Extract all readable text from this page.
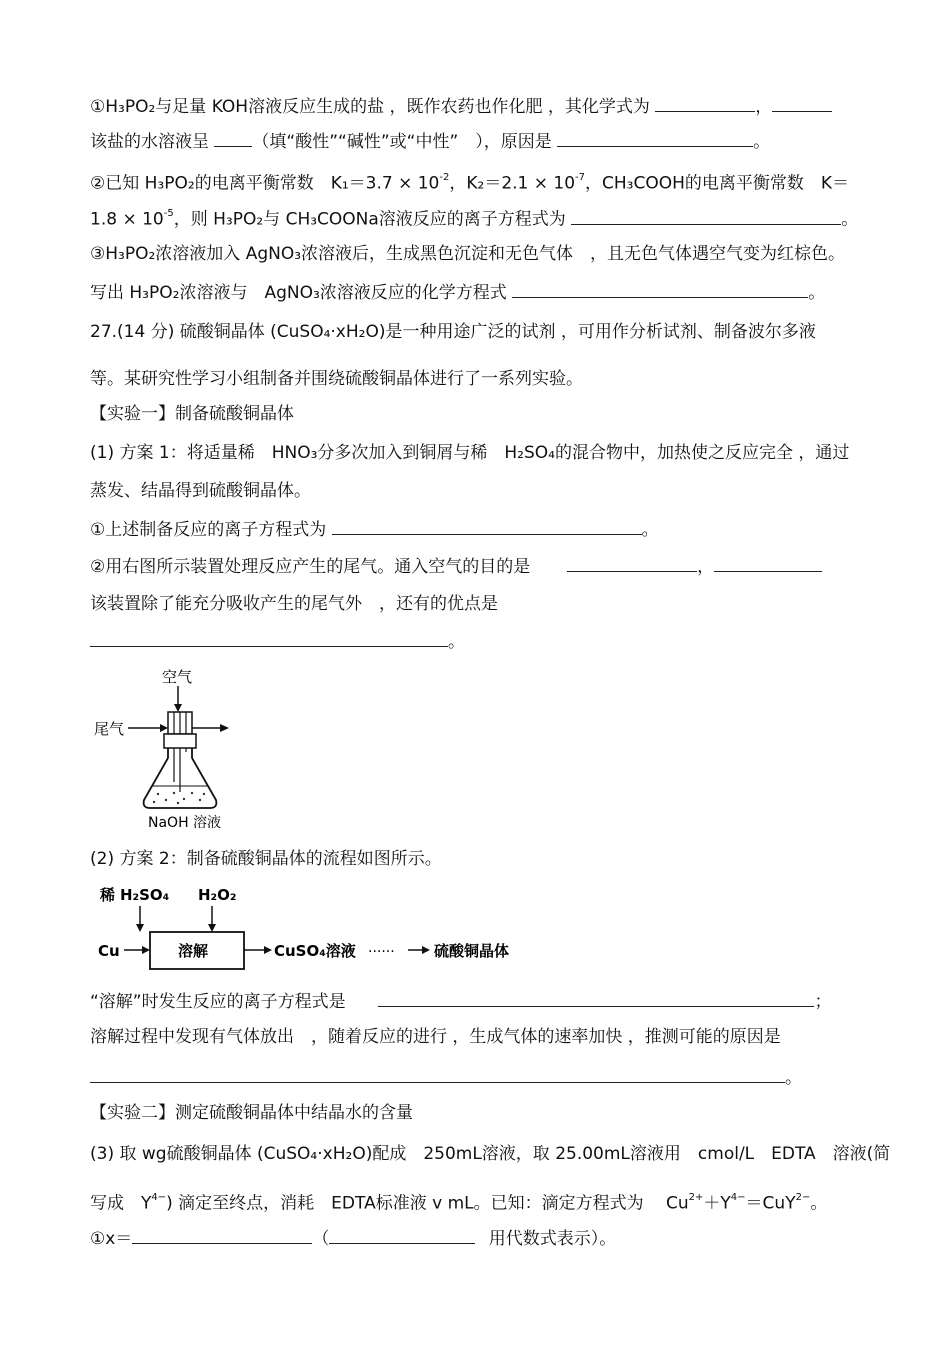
①H₃PO₂与足量 KOH溶液反应生成的盐 ，既作农药也作化肥 ，其化学式为	，
该盐的水溶液呈	（填“酸性”“碱性”或“中性”　），原因是	。
②已知 H₃PO₂的电离平衡常数　$K_1=3.7 \times 10^{-2}$，$K_2=2.1 \times 10^{-7}$，CH₃COOH的电离平衡常数　K＝
$1.8 \times 10^{-5}$，则 H₃PO₂与 CH₃COONa溶液反应的离子方程式为	。
③H₃PO₂浓溶液加入 AgNO₃浓溶液后，生成黑色沉淀和无色气体　，且无色气体遇空气变为红棕色。
写出 H₃PO₂浓溶液与　AgNO₃浓溶液反应的化学方程式	。
27.(14 分) 硫酸铜晶体 (CuSO₄·xH₂O)是一种用途广泛的试剂 ，可用作分析试剂、制备波尔多液
等。某研究性学习小组制备并围绕硫酸铜晶体进行了一系列实验。
【实验一】制备硫酸铜晶体
(1) 方案 1：将适量稀　HNO₃分多次加入到铜屑与稀　H₂SO₄的混合物中，加热使之反应完全 ，通过
蒸发、结晶得到硫酸铜晶体。
①上述制备反应的离子方程式为	。
②用右图所示装置处理反应产生的尾气。通入空气的目的是	，
该装置除了能充分吸收产生的尾气外　，还有的优点是
。
空气
尾气
NaOH 溶液
(2) 方案 2：制备硫酸铜晶体的流程如图所示。
稀 H₂SO₄ H₂O₂
Cu	溶解	CuSO₄溶液 ······	硫酸铜晶体
“溶解”时发生反应的离子方程式是	；
溶解过程中发现有气体放出　，随着反应的进行 ，生成气体的速率加快 ，推测可能的原因是
。
【实验二】测定硫酸铜晶体中结晶水的含量
(3) 取 wg硫酸铜晶体 (CuSO₄·xH₂O)配成　250mL溶液，取 25.00mL溶液用　cmol/L　EDTA　溶液(简
写成　$Y^{4-}$) 滴定至终点，消耗　EDTA标准液 v mL。已知：滴定方程式为　 $Cu^{2+}+Y^{4-}=CuY^{2-}$。
①x＝	（	用代数式表示）。
